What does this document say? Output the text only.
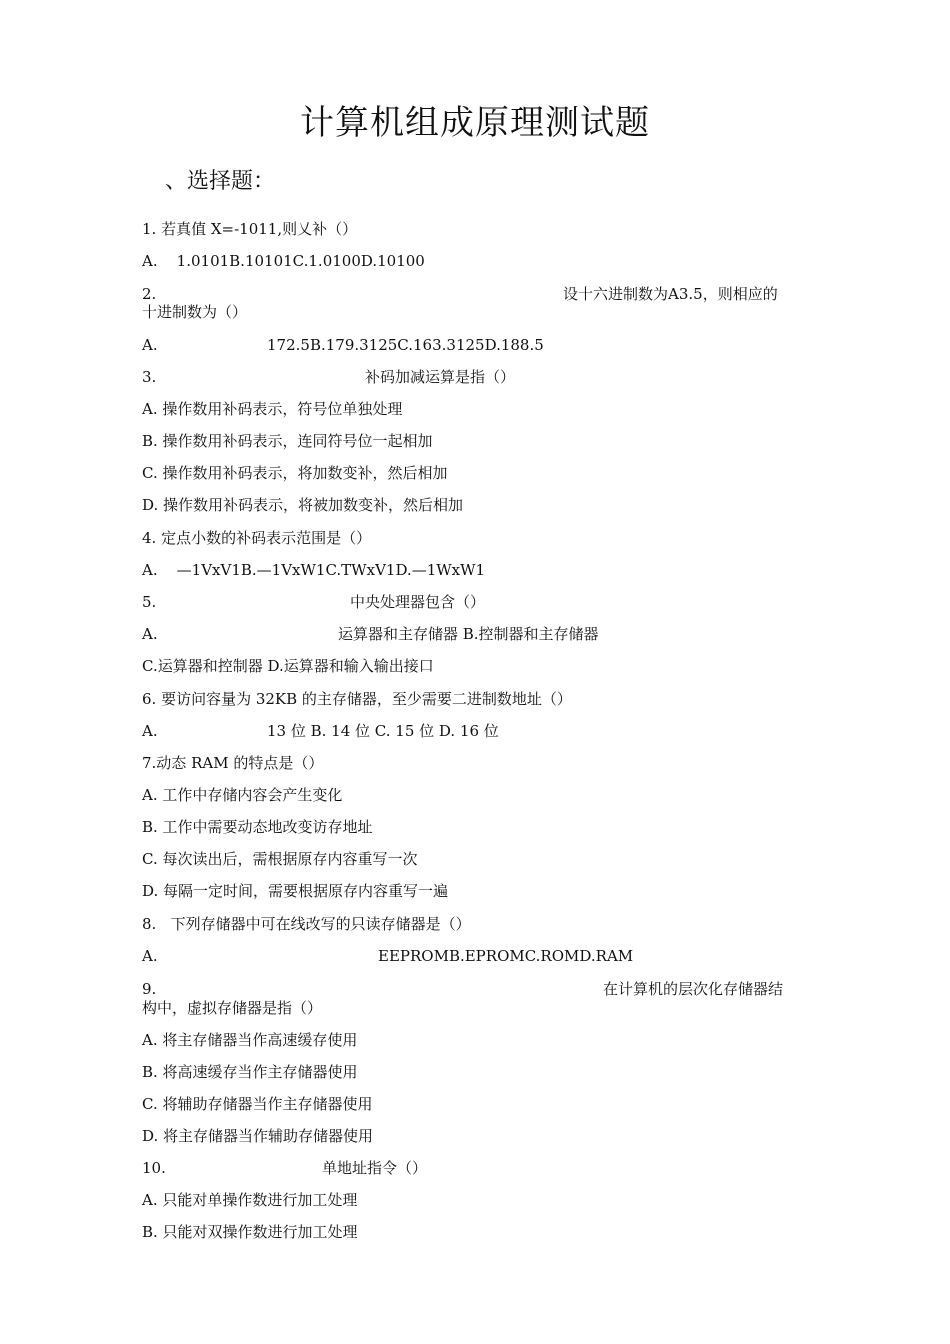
计算机组成原理测试题
、选择题：
1. 若真值 X=-1011,则乂补（）
A.    1.0101B.10101C.1.0100D.10100
2.	设十六进制数为A3.5，则相应的
十进制数为（）
A.	172.5B.179.3125C.163.3125D.188.5
3.	补码加减运算是指（）
A. 操作数用补码表示，符号位单独处理
B. 操作数用补码表示，连同符号位一起相加
C. 操作数用补码表示，将加数变补，然后相加
D. 操作数用补码表示，将被加数变补，然后相加
4. 定点小数的补码表示范围是（）
A.    —1VxV1B.—1VxW1C.TWxV1D.—1WxW1
5.	中央处理器包含（）
A.	运算器和主存储器 B.控制器和主存储器
C.运算器和控制器 D.运算器和输入输出接口
6. 要访问容量为 32KB 的主存储器，至少需要二进制数地址（）
A.	13 位 B. 14 位 C. 15 位 D. 16 位
7.动态 RAM 的特点是（）
A. 工作中存储内容会产生变化
B. 工作中需要动态地改变访存地址
C. 每次读出后，需根据原存内容重写一次
D. 每隔一定时间，需要根据原存内容重写一遍
8.   下列存储器中可在线改写的只读存储器是（）
A.	EEPROMB.EPROMC.ROMD.RAM
9.	在计算机的层次化存储器结
构中，虚拟存储器是指（）
A. 将主存储器当作高速缓存使用
B. 将高速缓存当作主存储器使用
C. 将辅助存储器当作主存储器使用
D. 将主存储器当作辅助存储器使用
10.	单地址指令（）
A. 只能对单操作数进行加工处理
B. 只能对双操作数进行加工处理
